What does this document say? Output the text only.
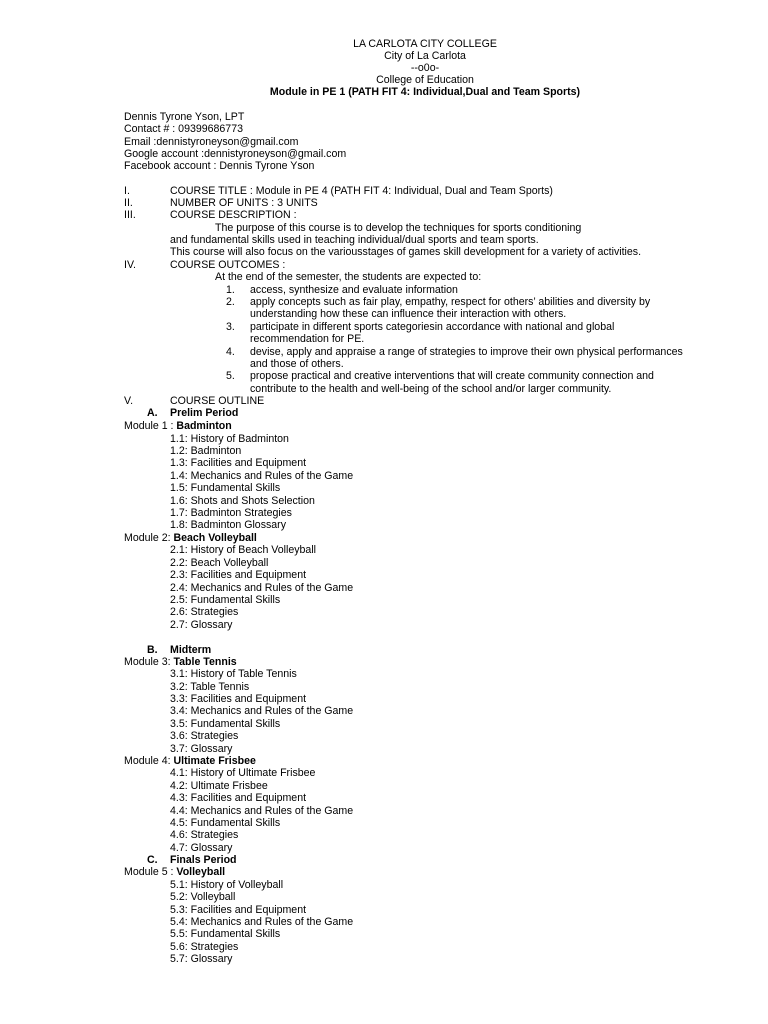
LA CARLOTA CITY COLLEGE
City of La Carlota
--o0o-
College of Education
Module in PE 1 (PATH FIT 4: Individual,Dual and Team Sports)
Dennis Tyrone Yson, LPT
Contact # : 09399686773
Email :dennistyroneyson@gmail.com
Google account :dennistyroneyson@gmail.com
Facebook account : Dennis Tyrone Yson
I.	COURSE TITLE : Module in PE 4 (PATH FIT 4: Individual, Dual and Team Sports)
II.	NUMBER OF UNITS : 3 UNITS
III.	COURSE DESCRIPTION :
The purpose of this course is to develop the techniques for sports conditioning
and fundamental skills used in teaching individual/dual sports and team sports.
This course will also focus on the variousstages of games skill development for a variety of activities.
IV.	COURSE OUTCOMES :
At the end of the semester, the students are expected to:
1. access, synthesize and evaluate information
2. apply concepts such as fair play, empathy, respect for others’ abilities and diversity by
understanding how these can influence their interaction with others.
3. participate in different sports categoriesin accordance with national and global
recommendation for PE.
4. devise, apply and appraise a range of strategies to improve their own physical performances
and those of others.
5. propose practical and creative interventions that will create community connection and
contribute to the health and well-being of the school and/or larger community.
V.	COURSE OUTLINE
A. Prelim Period
Module 1 : Badminton
1.1: History of Badminton
1.2: Badminton
1.3: Facilities and Equipment
1.4: Mechanics and Rules of the Game
1.5: Fundamental Skills
1.6: Shots and Shots Selection
1.7: Badminton Strategies
1.8: Badminton Glossary
Module 2: Beach Volleyball
2.1: History of Beach Volleyball
2.2: Beach Volleyball
2.3: Facilities and Equipment
2.4: Mechanics and Rules of the Game
2.5: Fundamental Skills
2.6: Strategies
2.7: Glossary
B. Midterm
Module 3: Table Tennis
3.1: History of Table Tennis
3.2: Table Tennis
3.3: Facilities and Equipment
3.4: Mechanics and Rules of the Game
3.5: Fundamental Skills
3.6: Strategies
3.7: Glossary
Module 4: Ultimate Frisbee
4.1: History of Ultimate Frisbee
4.2: Ultimate Frisbee
4.3: Facilities and Equipment
4.4: Mechanics and Rules of the Game
4.5: Fundamental Skills
4.6: Strategies
4.7: Glossary
C. Finals Period
Module 5 : Volleyball
5.1: History of Volleyball
5.2: Volleyball
5.3: Facilities and Equipment
5.4: Mechanics and Rules of the Game
5.5: Fundamental Skills
5.6: Strategies
5.7: Glossary
